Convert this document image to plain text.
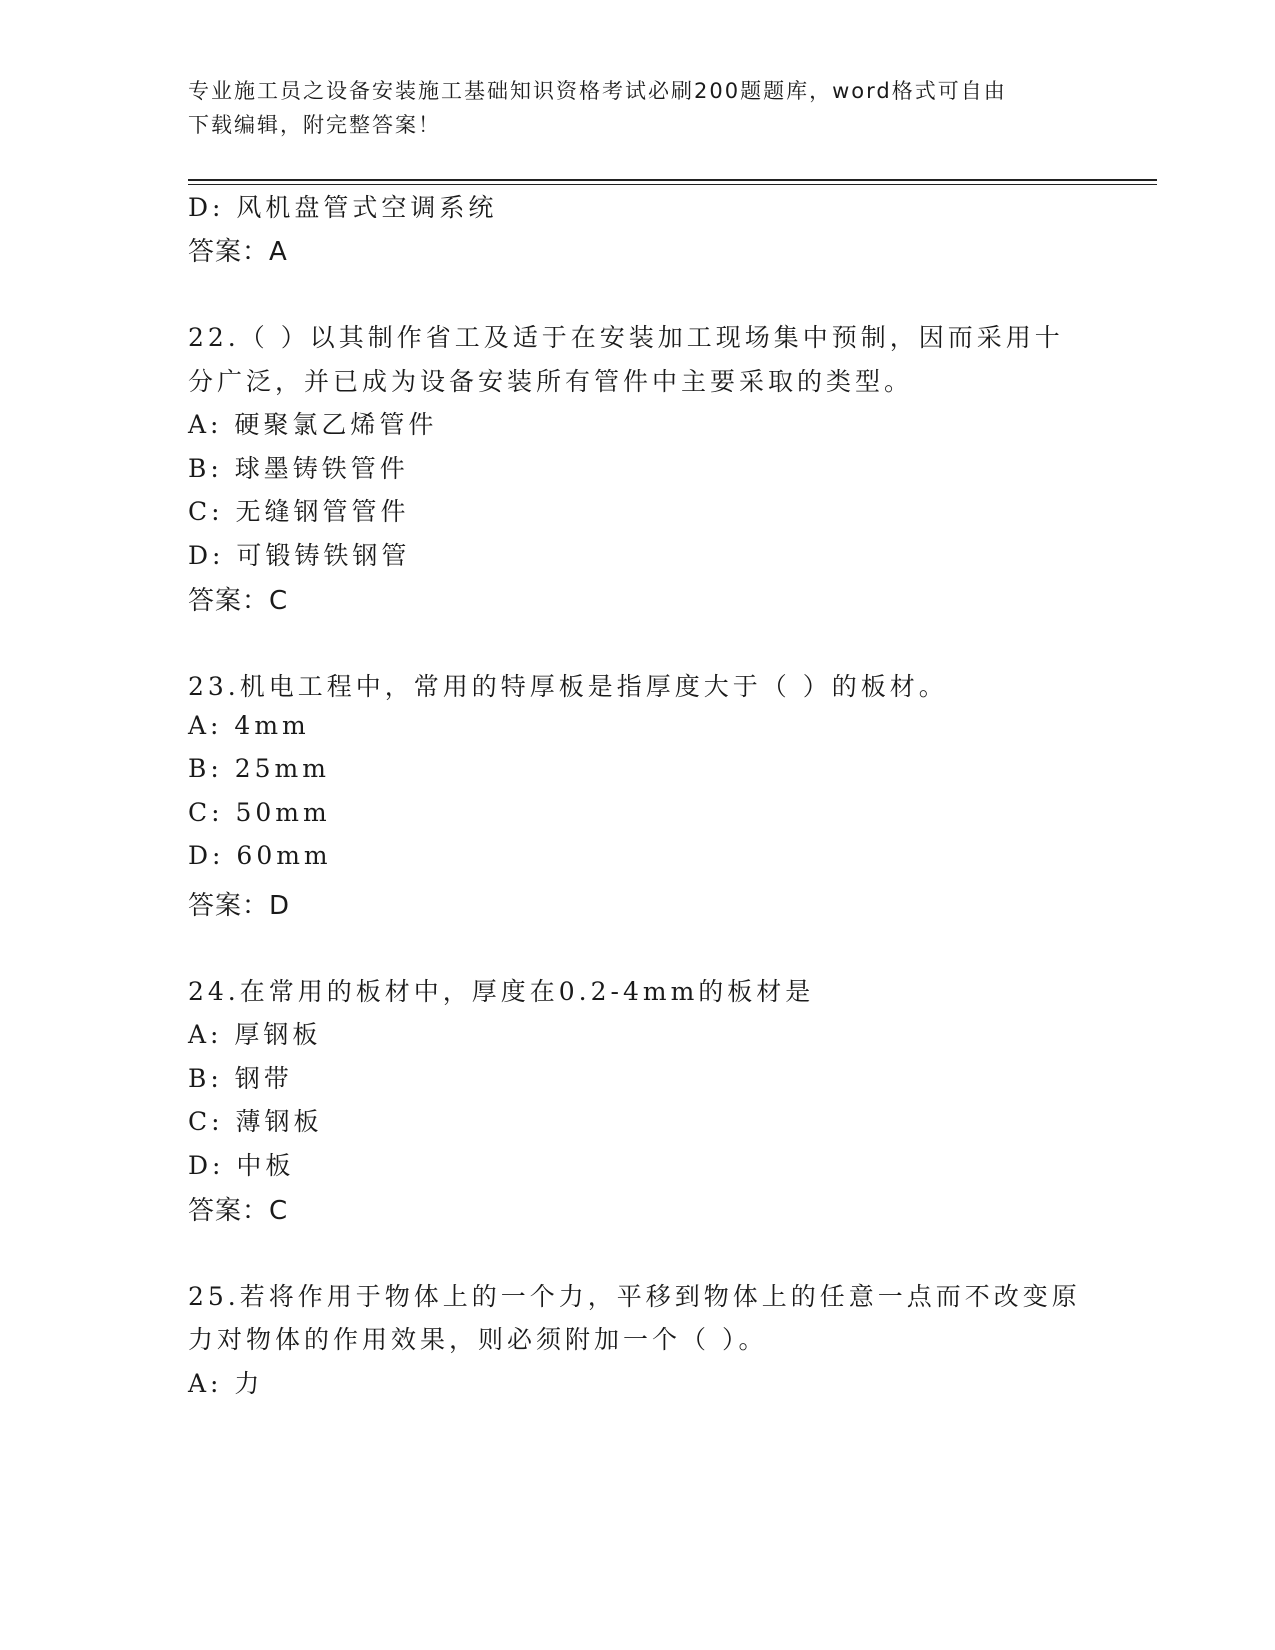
专业施工员之设备安装施工基础知识资格考试必刷200题题库，word格式可自由
下载编辑，附完整答案！
D: 风机盘管式空调系统
答案：A
22.（ ）以其制作省工及适于在安装加工现场集中预制，因而采用十
分广泛，并已成为设备安装所有管件中主要采取的类型。
A: 硬聚氯乙烯管件
B: 球墨铸铁管件
C: 无缝钢管管件
D: 可锻铸铁钢管
答案：C
23.机电工程中，常用的特厚板是指厚度大于（ ）的板材。
A: 4mm
B: 25mm
C: 50mm
D: 60mm
答案：D
24.在常用的板材中，厚度在0.2-4mm的板材是
A: 厚钢板
B: 钢带
C: 薄钢板
D: 中板
答案：C
25.若将作用于物体上的一个力，平移到物体上的任意一点而不改变原
力对物体的作用效果，则必须附加一个（ ）。
A: 力
